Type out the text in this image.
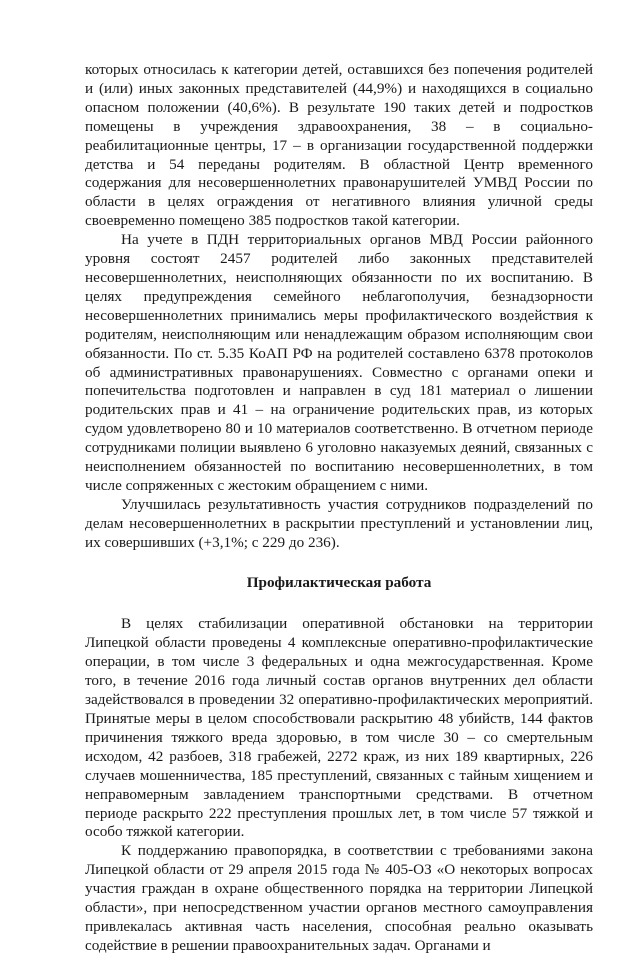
которых относилась к категории детей, оставшихся без попечения родителей и (или) иных законных представителей (44,9%) и находящихся в социально опасном положении (40,6%). В результате 190 таких детей и подростков помещены в учреждения здравоохранения, 38 – в социально-реабилитационные центры, 17 – в организации государственной поддержки детства и 54 переданы родителям. В областной Центр временного содержания для несовершеннолетних правонарушителей УМВД России по области в целях ограждения от негативного влияния уличной среды своевременно помещено 385 подростков такой категории.

На учете в ПДН территориальных органов МВД России районного уровня состоят 2457 родителей либо законных представителей несовершеннолетних, неисполняющих обязанности по их воспитанию. В целях предупреждения семейного неблагополучия, безнадзорности несовершеннолетних принимались меры профилактического воздействия к родителям, неисполняющим или ненадлежащим образом исполняющим свои обязанности. По ст. 5.35 КоАП РФ на родителей составлено 6378 протоколов об административных правонарушениях. Совместно с органами опеки и попечительства подготовлен и направлен в суд 181 материал о лишении родительских прав и 41 – на ограничение родительских прав, из которых судом удовлетворено 80 и 10 материалов соответственно. В отчетном периоде сотрудниками полиции выявлено 6 уголовно наказуемых деяний, связанных с неисполнением обязанностей по воспитанию несовершеннолетних, в том числе сопряженных с жестоким обращением с ними.

Улучшилась результативность участия сотрудников подразделений по делам несовершеннолетних в раскрытии преступлений и установлении лиц, их совершивших (+3,1%; с 229 до 236).

Профилактическая работа

В целях стабилизации оперативной обстановки на территории Липецкой области проведены 4 комплексные оперативно-профилактические операции, в том числе 3 федеральных и одна межгосударственная. Кроме того, в течение 2016 года личный состав органов внутренних дел области задействовался в проведении 32 оперативно-профилактических мероприятий. Принятые меры в целом способствовали раскрытию 48 убийств, 144 фактов причинения тяжкого вреда здоровью, в том числе 30 – со смертельным исходом, 42 разбоев, 318 грабежей, 2272 краж, из них 189 квартирных, 226 случаев мошенничества, 185 преступлений, связанных с тайным хищением и неправомерным завладением транспортными средствами. В отчетном периоде раскрыто 222 преступления прошлых лет, в том числе 57 тяжкой и особо тяжкой категории.

К поддержанию правопорядка, в соответствии с требованиями закона Липецкой области от 29 апреля 2015 года № 405-ОЗ «О некоторых вопросах участия граждан в охране общественного порядка на территории Липецкой области», при непосредственном участии органов местного самоуправления привлекалась активная часть населения, способная реально оказывать содействие в решении правоохранительных задач. Органами и
